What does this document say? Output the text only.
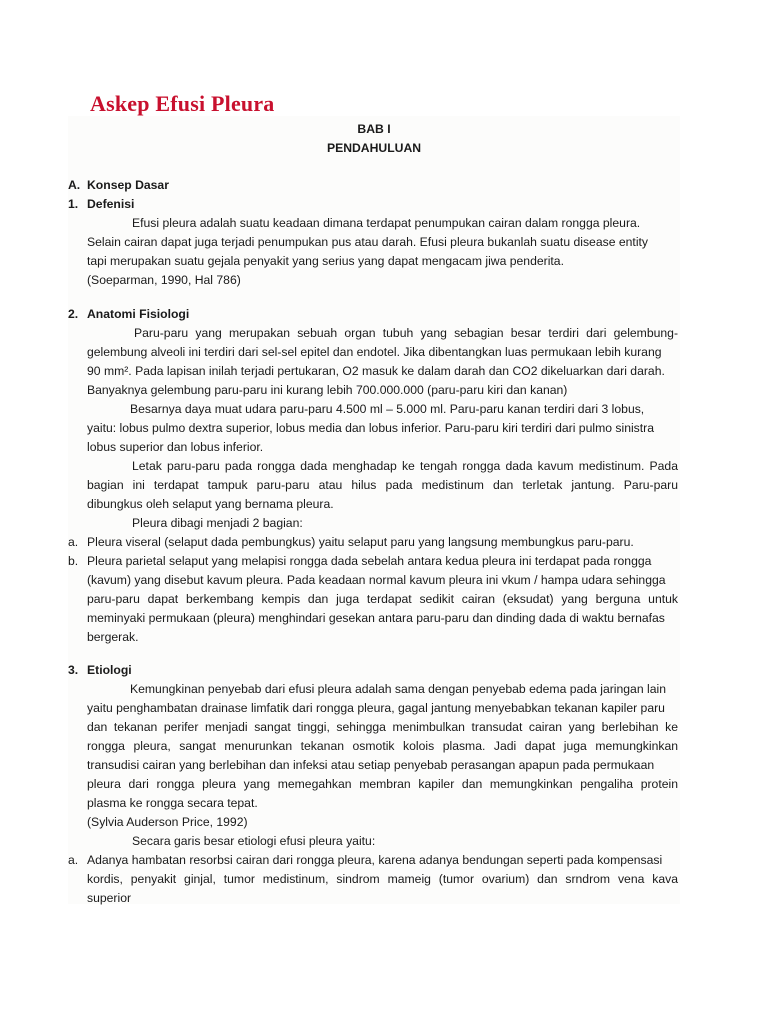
Askep Efusi Pleura
BAB I
PENDAHULUAN
A. Konsep Dasar
1. Defenisi
Efusi pleura adalah suatu keadaan dimana terdapat penumpukan cairan dalam rongga pleura.
Selain cairan dapat juga terjadi penumpukan pus atau darah. Efusi pleura bukanlah suatu disease entity
tapi merupakan suatu gejala penyakit yang serius yang dapat mengacam jiwa penderita.
(Soeparman, 1990, Hal 786)
2. Anatomi Fisiologi
Paru-paru yang merupakan sebuah organ tubuh yang sebagian besar terdiri dari gelembung-
gelembung alveoli ini terdiri dari sel-sel epitel dan endotel. Jika dibentangkan luas permukaan lebih kurang
90 mm². Pada lapisan inilah terjadi pertukaran, O2 masuk ke dalam darah dan CO2 dikeluarkan dari darah.
Banyaknya gelembung paru-paru ini kurang lebih 700.000.000 (paru-paru kiri dan kanan)
Besarnya daya muat udara paru-paru 4.500 ml – 5.000 ml. Paru-paru kanan terdiri dari 3 lobus,
yaitu: lobus pulmo dextra superior, lobus media dan lobus inferior. Paru-paru kiri terdiri dari pulmo sinistra
lobus superior dan lobus inferior.
Letak paru-paru pada rongga dada menghadap ke tengah rongga dada kavum medistinum. Pada
bagian ini terdapat tampuk paru-paru atau hilus pada medistinum dan terletak jantung. Paru-paru
dibungkus oleh selaput yang bernama pleura.
Pleura dibagi menjadi 2 bagian:
a. Pleura viseral (selaput dada pembungkus) yaitu selaput paru yang langsung membungkus paru-paru.
b. Pleura parietal selaput yang melapisi rongga dada sebelah antara kedua pleura ini terdapat pada rongga
(kavum) yang disebut kavum pleura. Pada keadaan normal kavum pleura ini vkum / hampa udara sehingga
paru-paru dapat berkembang kempis dan juga terdapat sedikit cairan (eksudat) yang berguna untuk
meminyaki permukaan (pleura) menghindari gesekan antara paru-paru dan dinding dada di waktu bernafas
bergerak.
3. Etiologi
Kemungkinan penyebab dari efusi pleura adalah sama dengan penyebab edema pada jaringan lain
yaitu penghambatan drainase limfatik dari rongga pleura, gagal jantung menyebabkan tekanan kapiler paru
dan tekanan perifer menjadi sangat tinggi, sehingga menimbulkan transudat cairan yang berlebihan ke
rongga pleura, sangat menurunkan tekanan osmotik kolois plasma. Jadi dapat juga memungkinkan
transudisi cairan yang berlebihan dan infeksi atau setiap penyebab perasangan apapun pada permukaan
pleura dari rongga pleura yang memegahkan membran kapiler dan memungkinkan pengaliha protein
plasma ke rongga secara tepat.
(Sylvia Auderson Price, 1992)
Secara garis besar etiologi efusi pleura yaitu:
a. Adanya hambatan resorbsi cairan dari rongga pleura, karena adanya bendungan seperti pada kompensasi
kordis, penyakit ginjal, tumor medistinum, sindrom mameig (tumor ovarium) dan srndrom vena kava
superior
